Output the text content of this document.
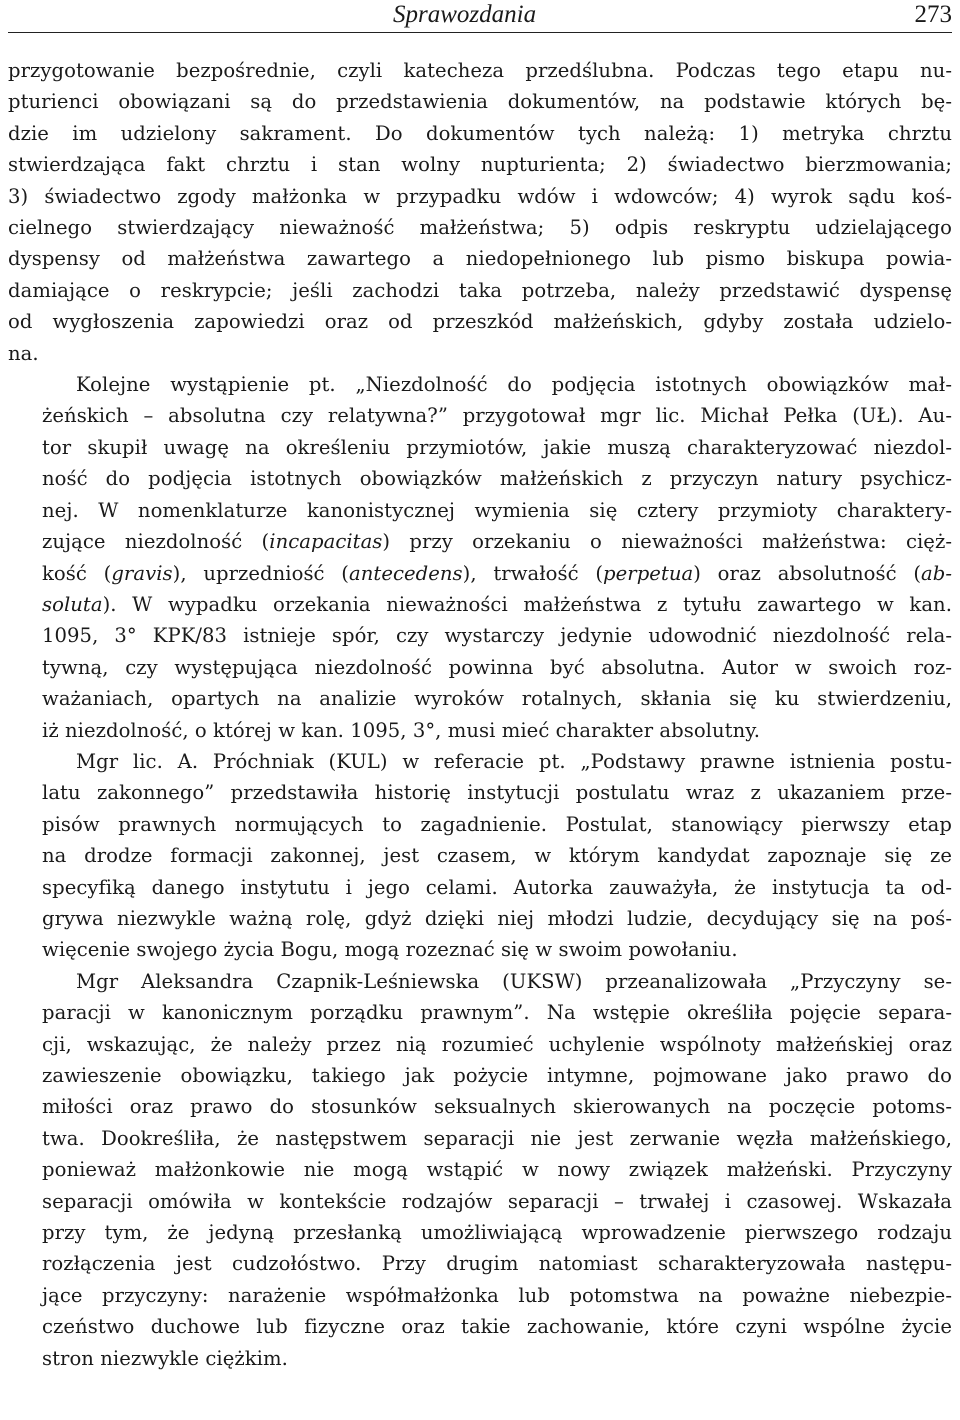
Sprawozdania	273
przygotowanie bezpośrednie, czyli katecheza przedślubna. Podczas tego etapu nu-
pturienci obowiązani są do przedstawienia dokumentów, na podstawie których bę-
dzie im udzielony sakrament. Do dokumentów tych należą: 1) metryka chrztu
stwierdzająca fakt chrztu i stan wolny nupturienta; 2) świadectwo bierzmowania;
3) świadectwo zgody małżonka w przypadku wdów i wdowców; 4) wyrok sądu koś-
cielnego stwierdzający nieważność małżeństwa; 5) odpis reskryptu udzielającego
dyspensy od małżeństwa zawartego a niedopełnionego lub pismo biskupa powia-
damiające o reskrypcie; jeśli zachodzi taka potrzeba, należy przedstawić dyspensę
od wygłoszenia zapowiedzi oraz od przeszkód małżeńskich, gdyby została udzielo-
na.
Kolejne wystąpienie pt. „Niezdolność do podjęcia istotnych obowiązków mał-
żeńskich – absolutna czy relatywna?” przygotował mgr lic. Michał Pełka (UŁ). Au-
tor skupił uwagę na określeniu przymiotów, jakie muszą charakteryzować niezdol-
ność do podjęcia istotnych obowiązków małżeńskich z przyczyn natury psychicz-
nej. W nomenklaturze kanonistycznej wymienia się cztery przymioty charaktery-
zujące niezdolność (incapacitas) przy orzekaniu o nieważności małżeństwa: cięż-
kość (gravis), uprzedniość (antecedens), trwałość (perpetua) oraz absolutność (ab-
soluta). W wypadku orzekania nieważności małżeństwa z tytułu zawartego w kan.
1095, 3° KPK/83 istnieje spór, czy wystarczy jedynie udowodnić niezdolność rela-
tywną, czy występująca niezdolność powinna być absolutna. Autor w swoich roz-
ważaniach, opartych na analizie wyroków rotalnych, skłania się ku stwierdzeniu,
iż niezdolność, o której w kan. 1095, 3°, musi mieć charakter absolutny.
Mgr lic. A. Próchniak (KUL) w referacie pt. „Podstawy prawne istnienia postu-
latu zakonnego” przedstawiła historię instytucji postulatu wraz z ukazaniem prze-
pisów prawnych normujących to zagadnienie. Postulat, stanowiący pierwszy etap
na drodze formacji zakonnej, jest czasem, w którym kandydat zapoznaje się ze
specyfiką danego instytutu i jego celami. Autorka zauważyła, że instytucja ta od-
grywa niezwykle ważną rolę, gdyż dzięki niej młodzi ludzie, decydujący się na poś-
więcenie swojego życia Bogu, mogą rozeznać się w swoim powołaniu.
Mgr Aleksandra Czapnik-Leśniewska (UKSW) przeanalizowała „Przyczyny se-
paracji w kanonicznym porządku prawnym”. Na wstępie określiła pojęcie separa-
cji, wskazując, że należy przez nią rozumieć uchylenie wspólnoty małżeńskiej oraz
zawieszenie obowiązku, takiego jak pożycie intymne, pojmowane jako prawo do
miłości oraz prawo do stosunków seksualnych skierowanych na poczęcie potoms-
twa. Dookreśliła, że następstwem separacji nie jest zerwanie węzła małżeńskiego,
ponieważ małżonkowie nie mogą wstąpić w nowy związek małżeński. Przyczyny
separacji omówiła w kontekście rodzajów separacji – trwałej i czasowej. Wskazała
przy tym, że jedyną przesłanką umożliwiającą wprowadzenie pierwszego rodzaju
rozłączenia jest cudzołóstwo. Przy drugim natomiast scharakteryzowała następu-
jące przyczyny: narażenie współmałżonka lub potomstwa na poważne niebezpie-
czeństwo duchowe lub fizyczne oraz takie zachowanie, które czyni wspólne życie
stron niezwykle ciężkim.
